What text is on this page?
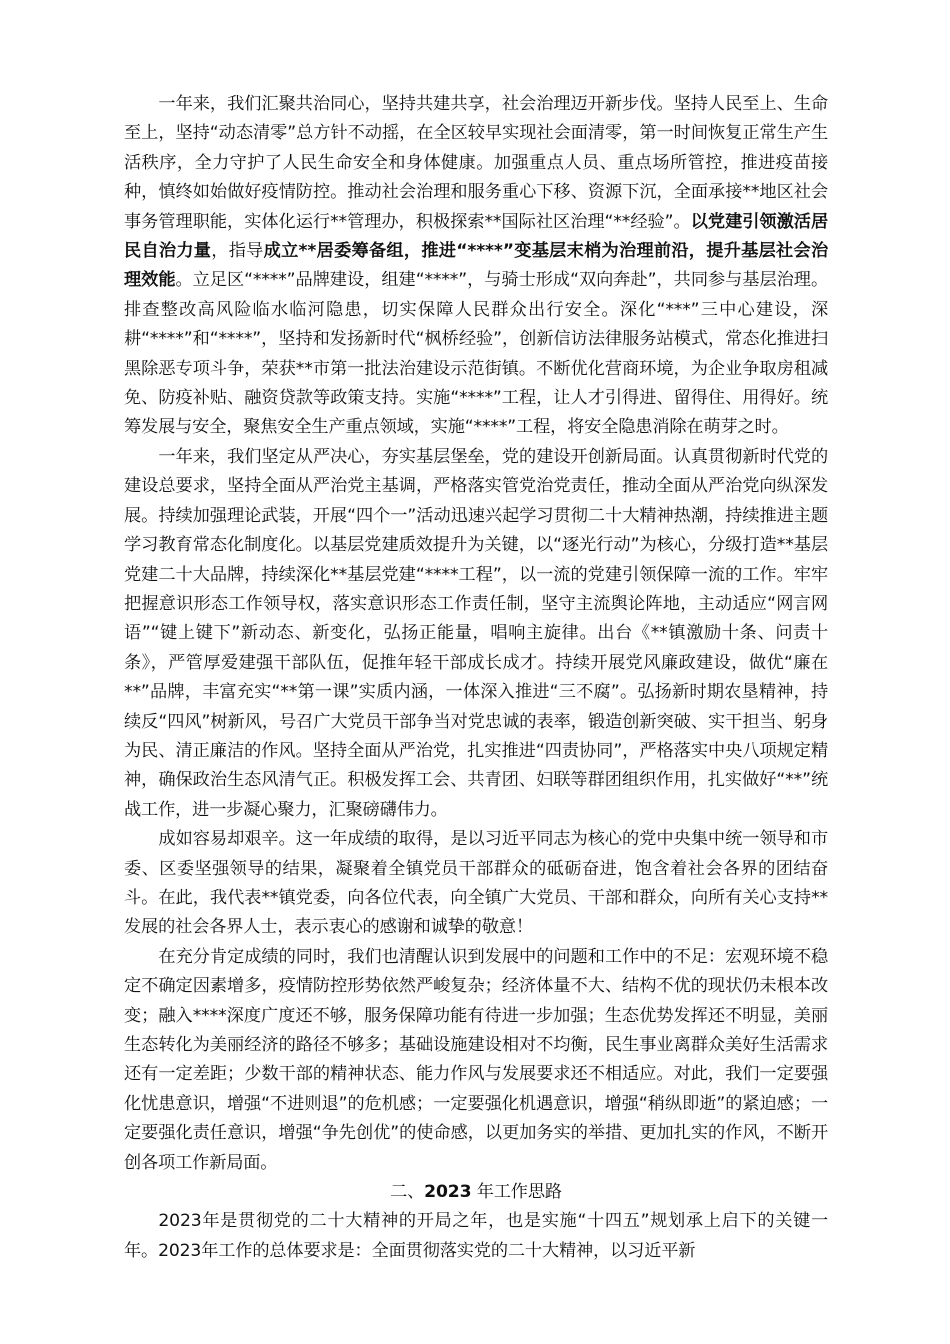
一年来，我们汇聚共治同心，坚持共建共享，社会治理迈开新步伐。坚持人民至上、生命至上，坚持“动态清零”总方针不动摇，在全区较早实现社会面清零，第一时间恢复正常生产生活秩序，全力守护了人民生命安全和身体健康。加强重点人员、重点场所管控，推进疫苗接种，慎终如始做好疫情防控。推动社会治理和服务重心下移、资源下沉，全面承接**地区社会事务管理职能，实体化运行**管理办，积极探索**国际社区治理“**经验”。以党建引领激活居民自治力量，指导成立**居委筹备组，推进“****”变基层末梢为治理前沿，提升基层社会治理效能。立足区“****”品牌建设，组建“****”，与骑士形成“双向奔赴”，共同参与基层治理。排查整改高风险临水临河隐患，切实保障人民群众出行安全。深化“***”三中心建设，深耕“****”和“****”，坚持和发扬新时代“枫桥经验”，创新信访法律服务站模式，常态化推进扫黑除恶专项斗争，荣获**市第一批法治建设示范街镇。不断优化营商环境，为企业争取房租减免、防疫补贴、融资贷款等政策支持。实施“****”工程，让人才引得进、留得住、用得好。统筹发展与安全，聚焦安全生产重点领域，实施“****”工程，将安全隐患消除在萌芽之时。

一年来，我们坚定从严决心，夯实基层堡垒，党的建设开创新局面。认真贯彻新时代党的建设总要求，坚持全面从严治党主基调，严格落实管党治党责任，推动全面从严治党向纵深发展。持续加强理论武装，开展“四个一”活动迅速兴起学习贯彻二十大精神热潮，持续推进主题学习教育常态化制度化。以基层党建质效提升为关键，以“逐光行动”为核心，分级打造**基层党建二十大品牌，持续深化**基层党建“****工程”，以一流的党建引领保障一流的工作。牢牢把握意识形态工作领导权，落实意识形态工作责任制，坚守主流舆论阵地，主动适应“网言网语”“键上键下”新动态、新变化，弘扬正能量，唱响主旋律。出台《**镇激励十条、问责十条》，严管厚爱建强干部队伍，促推年轻干部成长成才。持续开展党风廉政建设，做优“廉在**”品牌，丰富充实“**第一课”实质内涵，一体深入推进“三不腐”。弘扬新时期农垦精神，持续反“四风”树新风，号召广大党员干部争当对党忠诚的表率，锻造创新突破、实干担当、躬身为民、清正廉洁的作风。坚持全面从严治党，扎实推进“四责协同”，严格落实中央八项规定精神，确保政治生态风清气正。积极发挥工会、共青团、妇联等群团组织作用，扎实做好“**”统战工作，进一步凝心聚力，汇聚磅礴伟力。

成如容易却艰辛。这一年成绩的取得，是以习近平同志为核心的党中央集中统一领导和市委、区委坚强领导的结果，凝聚着全镇党员干部群众的砥砺奋进，饱含着社会各界的团结奋斗。在此，我代表**镇党委，向各位代表，向全镇广大党员、干部和群众，向所有关心支持**发展的社会各界人士，表示衷心的感谢和诚挚的敬意！

在充分肯定成绩的同时，我们也清醒认识到发展中的问题和工作中的不足：宏观环境不稳定不确定因素增多，疫情防控形势依然严峻复杂；经济体量不大、结构不优的现状仍未根本改变；融入****深度广度还不够，服务保障功能有待进一步加强；生态优势发挥还不明显，美丽生态转化为美丽经济的路径不够多；基础设施建设相对不均衡，民生事业离群众美好生活需求还有一定差距；少数干部的精神状态、能力作风与发展要求还不相适应。对此，我们一定要强化忧患意识，增强“不进则退”的危机感；一定要强化机遇意识，增强“稍纵即逝”的紧迫感；一定要强化责任意识，增强“争先创优”的使命感，以更加务实的举措、更加扎实的作风，不断开创各项工作新局面。

二、2023 年工作思路

2023年是贯彻党的二十大精神的开局之年，也是实施“十四五”规划承上启下的关键一年。2023年工作的总体要求是：全面贯彻落实党的二十大精神，以习近平新
